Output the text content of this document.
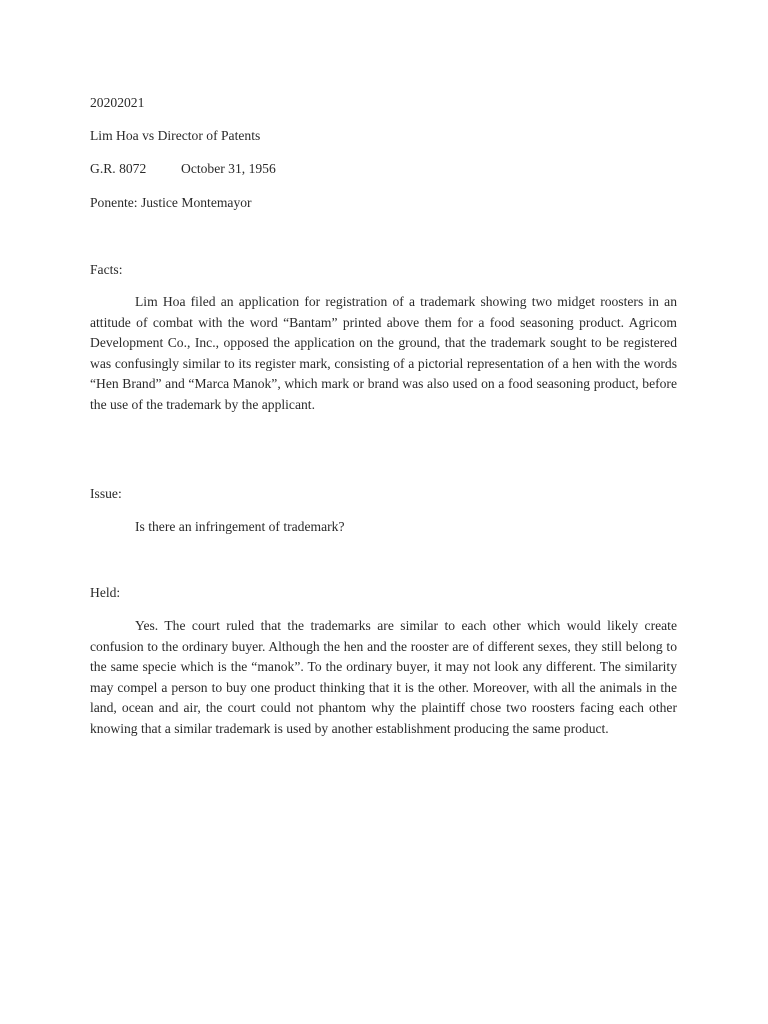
20202021
Lim Hoa vs Director of Patents
G.R. 8072	October 31, 1956
Ponente: Justice Montemayor
Facts:

Lim Hoa filed an application for registration of a trademark showing two midget roosters in an attitude of combat with the word “Bantam” printed above them for a food seasoning product. Agricom Development Co., Inc., opposed the application on the ground, that the trademark sought to be registered was confusingly similar to its register mark, consisting of a pictorial representation of a hen with the words “Hen Brand” and “Marca Manok”, which mark or brand was also used on a food seasoning product, before the use of the trademark by the applicant.

Issue:
Is there an infringement of trademark?
Held:

Yes. The court ruled that the trademarks are similar to each other which would likely create confusion to the ordinary buyer. Although the hen and the rooster are of different sexes, they still belong to the same specie which is the “manok”. To the ordinary buyer, it may not look any different. The similarity may compel a person to buy one product thinking that it is the other. Moreover, with all the animals in the land, ocean and air, the court could not phantom why the plaintiff chose two roosters facing each other knowing that a similar trademark is used by another establishment producing the same product.
